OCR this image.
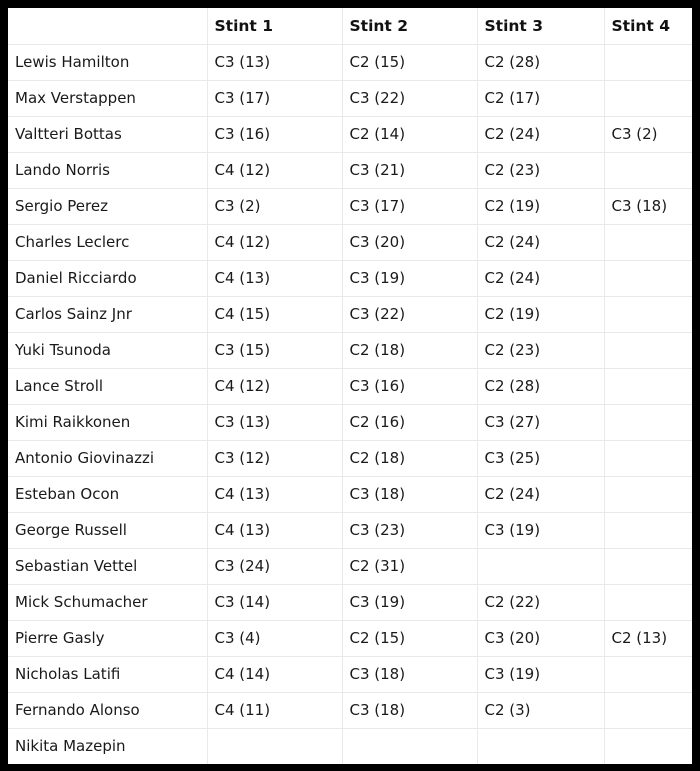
	Stint 1	Stint 2	Stint 3	Stint 4
Lewis Hamilton	C3 (13)	C2 (15)	C2 (28)	
Max Verstappen	C3 (17)	C3 (22)	C2 (17)	
Valtteri Bottas	C3 (16)	C2 (14)	C2 (24)	C3 (2)
Lando Norris	C4 (12)	C3 (21)	C2 (23)	
Sergio Perez	C3 (2)	C3 (17)	C2 (19)	C3 (18)
Charles Leclerc	C4 (12)	C3 (20)	C2 (24)	
Daniel Ricciardo	C4 (13)	C3 (19)	C2 (24)	
Carlos Sainz Jnr	C4 (15)	C3 (22)	C2 (19)	
Yuki Tsunoda	C3 (15)	C2 (18)	C2 (23)	
Lance Stroll	C4 (12)	C3 (16)	C2 (28)	
Kimi Raikkonen	C3 (13)	C2 (16)	C3 (27)	
Antonio Giovinazzi	C3 (12)	C2 (18)	C3 (25)	
Esteban Ocon	C4 (13)	C3 (18)	C2 (24)	
George Russell	C4 (13)	C3 (23)	C3 (19)	
Sebastian Vettel	C3 (24)	C2 (31)		
Mick Schumacher	C3 (14)	C3 (19)	C2 (22)	
Pierre Gasly	C3 (4)	C2 (15)	C3 (20)	C2 (13)
Nicholas Latifi	C4 (14)	C3 (18)	C3 (19)	
Fernando Alonso	C4 (11)	C3 (18)	C2 (3)	
Nikita Mazepin				
